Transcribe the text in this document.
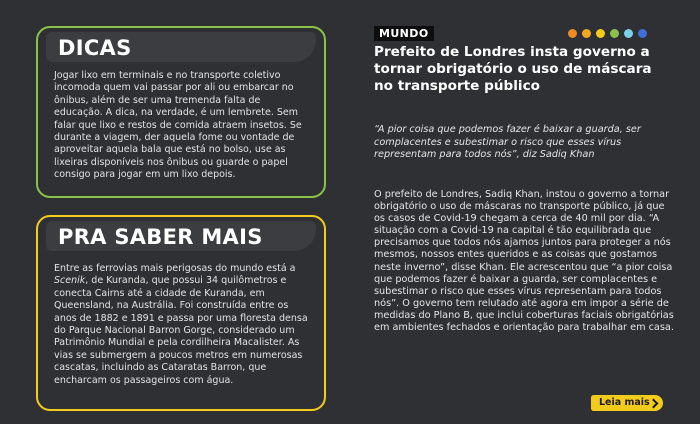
DICAS
Jogar lixo em terminais e no transporte coletivo incomoda quem vai passar por ali ou embarcar no ônibus, além de ser uma tremenda falta de educação. A dica, na verdade, é um lembrete. Sem falar que lixo e restos de comida atraem insetos. Se durante a viagem, der aquela fome ou vontade de aproveitar aquela bala que está no bolso, use as lixeiras disponíveis nos ônibus ou guarde o papel consigo para jogar em um lixo depois.
PRA SABER MAIS
Entre as ferrovias mais perigosas do mundo está a Scenik, de Kuranda, que possui 34 quilômetros e conecta Cairns até a cidade de Kuranda, em Queensland, na Austrália. Foi construída entre os anos de 1882 e 1891 e passa por uma floresta densa do Parque Nacional Barron Gorge, considerado um Patrimônio Mundial e pela cordilheira Macalister. As vias se submergem a poucos metros em numerosas cascatas, incluindo as Cataratas Barron, que encharcam os passageiros com água.
MUNDO
Prefeito de Londres insta governo a tornar obrigatório o uso de máscara no transporte público
“A pior coisa que podemos fazer é baixar a guarda, ser complacentes e subestimar o risco que esses vírus representam para todos nós”, diz Sadiq Khan
O prefeito de Londres, Sadiq Khan, instou o governo a tornar obrigatório o uso de máscaras no transporte público, já que os casos de Covid-19 chegam a cerca de 40 mil por dia. “A situação com a Covid-19 na capital é tão equilibrada que precisamos que todos nós ajamos juntos para proteger a nós mesmos, nossos entes queridos e as coisas que gostamos neste inverno”, disse Khan. Ele acrescentou que “a pior coisa que podemos fazer é baixar a guarda, ser complacentes e subestimar o risco que esses vírus representam para todos nós”. O governo tem relutado até agora em impor a série de medidas do Plano B, que inclui coberturas faciais obrigatórias em ambientes fechados e orientação para trabalhar em casa.
Leia mais
